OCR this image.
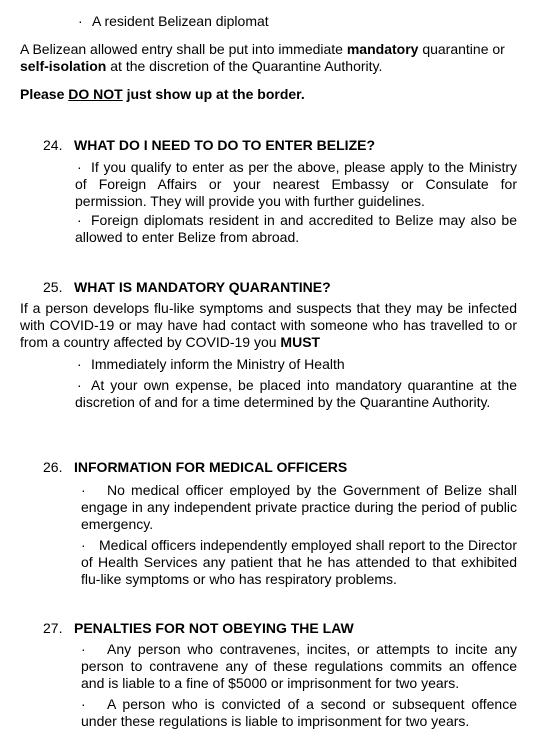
· A resident Belizean diplomat

A Belizean allowed entry shall be put into immediate mandatory quarantine or
self-isolation at the discretion of the Quarantine Authority.

Please DO NOT just show up at the border.

24. WHAT DO I NEED TO DO TO ENTER BELIZE?

· If you qualify to enter as per the above, please apply to the Ministry of Foreign Affairs or your nearest Embassy or Consulate for permission. They will provide you with further guidelines.

· Foreign diplomats resident in and accredited to Belize may also be allowed to enter Belize from abroad.

25. WHAT IS MANDATORY QUARANTINE?

If a person develops flu-like symptoms and suspects that they may be infected with COVID-19 or may have had contact with someone who has travelled to or from a country affected by COVID-19 you MUST

· Immediately inform the Ministry of Health

· At your own expense, be placed into mandatory quarantine at the discretion of and for a time determined by the Quarantine Authority.

26. INFORMATION FOR MEDICAL OFFICERS

· No medical officer employed by the Government of Belize shall engage in any independent private practice during the period of public emergency.

· Medical officers independently employed shall report to the Director of Health Services any patient that he has attended to that exhibited flu-like symptoms or who has respiratory problems.

27. PENALTIES FOR NOT OBEYING THE LAW

· Any person who contravenes, incites, or attempts to incite any person to contravene any of these regulations commits an offence and is liable to a fine of $5000 or imprisonment for two years.

· A person who is convicted of a second or subsequent offence under these regulations is liable to imprisonment for two years.
